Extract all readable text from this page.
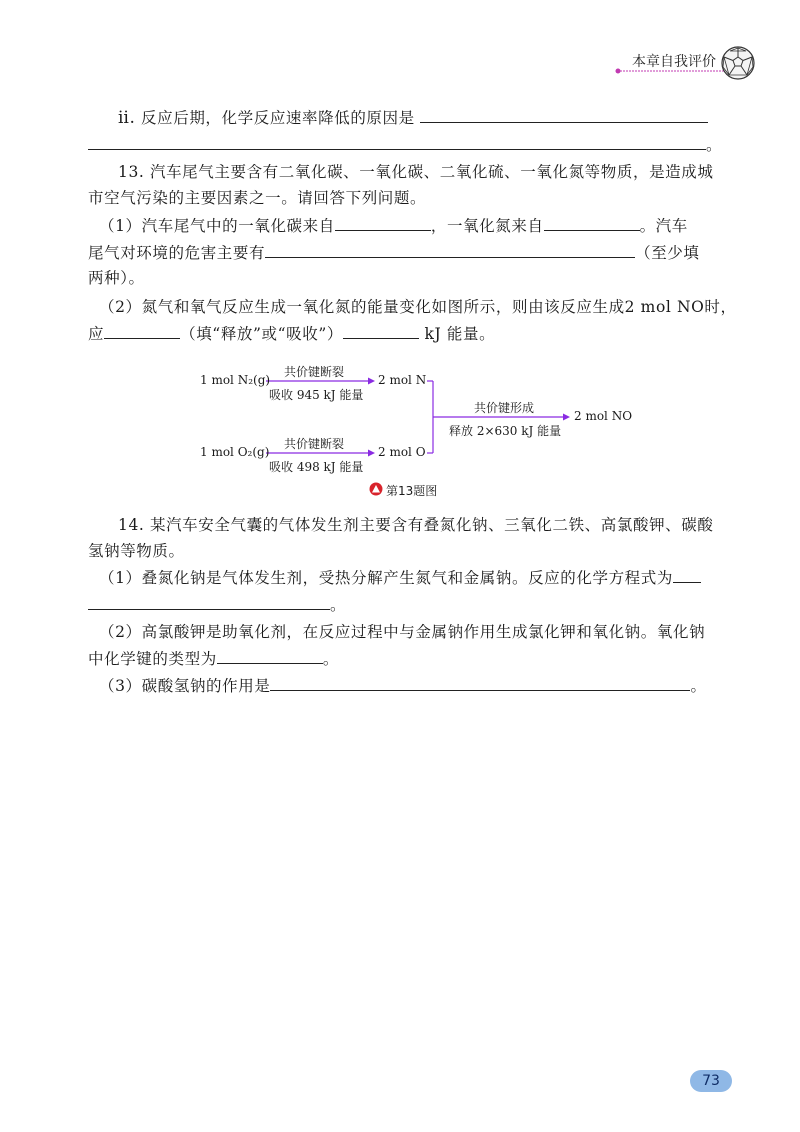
本章自我评价
ⅱ. 反应后期，化学反应速率降低的原因是
。
13. 汽车尾气主要含有二氧化碳、一氧化碳、二氧化硫、一氧化氮等物质，是造成城
市空气污染的主要因素之一。请回答下列问题。
（1）汽车尾气中的一氧化碳来自	，一氧化氮来自	。汽车
尾气对环境的危害主要有	（至少填
两种）。
（2）氮气和氧气反应生成一氧化氮的能量变化如图所示，则由该反应生成2 mol NO时，
应	（填“释放”或“吸收”）	kJ 能量。
1 mol N₂(g)
共价键断裂
吸收 945 kJ 能量
2 mol N
1 mol O₂(g)
共价键断裂
吸收 498 kJ 能量
2 mol O
共价键形成
释放 2×630 kJ 能量
2 mol NO
第13题图
14. 某汽车安全气囊的气体发生剂主要含有叠氮化钠、三氧化二铁、高氯酸钾、碳酸
氢钠等物质。
（1）叠氮化钠是气体发生剂，受热分解产生氮气和金属钠。反应的化学方程式为
。
（2）高氯酸钾是助氧化剂，在反应过程中与金属钠作用生成氯化钾和氧化钠。氧化钠
中化学键的类型为	。
（3）碳酸氢钠的作用是	。
73
